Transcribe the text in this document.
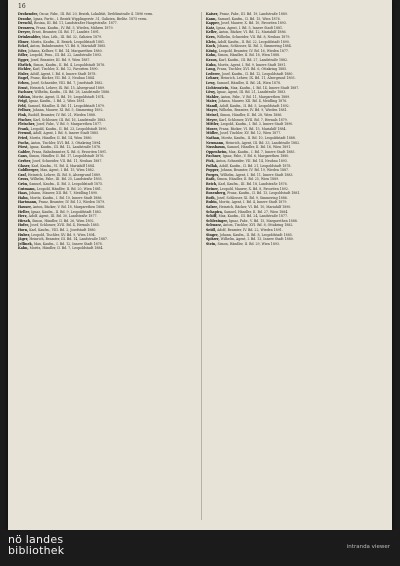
16

Drohender, Oscar, Fabr., III. Bd. 20, Bezirk, Lokalität, Dreblinstraße 4. 1896 verm.

Drauhe, Ignaz, Partic., I. Bezirk Wipplingerstr. 31, Galizien, Bielitz. 1875 verm.

Dreschl, Rosina, III. Bd. 11, Landstraßer Hauptstraße. 1877.

Droszera, Franz, Kaufm., IV. Bd. 5, Wieden, Mähren 1879.

Dreyer, Ernst, Beamter, III. Bd. 17, Landstr. 1891.

Drinkwalder, Max, Lith., III. Bd. 32, Galizien 1879.

Ebner, Moritz, Kaufm., II. Bezirk, Leopoldstadt 1881.

Eckel, Anton, Bahnbeamter, VI. Bd. 8, Mariahilf 1885.

Eder, Johann, Kellner, V. Bd. 14, Margarethen 1880.

Edler, Leopold, Pens., III. Bd. 22, Landstraße 1893.

Egger, Josef, Beamter, III. Bd. 9, Wien 1887.

Ehrlich, Simon, Kaufm., II. Bd. 4, Leopoldstadt 1876.

Eichler, Karl, Tischler, X. Bd. 12, Favoriten 1890.

Eisler, Adolf, Agent, I. Bd. 6, Innere Stadt 1878.

Engel, Franz, Bäcker, VII. Bd. 3, Neubau 1884.

Erben, Josef, Schneider, VIII. Bd. 7, Josefstadt 1882.

Ernst, Heinrich, Lehrer, IX. Bd. 15, Alsergrund 1889.

Eschner, Wilhelm, Kaufm., III. Bd. 28, Landstraße 1886.

Fabian, Moritz, Agent, II. Bd. 19, Leopoldstadt 1874.

Feigl, Ignaz, Kaufm., I. Bd. 2, Wien 1881.

Feld, Samuel, Händler, II. Bd. 11, Leopoldstadt 1879.

Fellner, Johann, Maurer, XI. Bd. 5, Simmering 1892.

Fink, Rudolf, Beamter, IV. Bd. 21, Wieden 1888.

Fischer, Karl, Schlosser, III. Bd. 16, Landstraße 1883.

Fleischer, Josef, Fabr., V. Bd. 9, Margarethen 1877.

Frank, Leopold, Kaufm., II. Bd. 23, Leopoldstadt 1890.

Freund, Adolf, Agent, I. Bd. 8, Innere Stadt 1885.

Fried, Moritz, Händler, II. Bd. 14, Wien 1880.

Fuchs, Anton, Tischler, XVI. Bd. 3, Ottakring 1894.

Fürst, Ignaz, Kaufm., III. Bd. 12, Landstraße 1878.

Gabler, Franz, Bahnbeamter, X. Bd. 6, Favoriten 1891.

Gans, Simon, Händler, II. Bd. 17, Leopoldstadt 1876.

Gerber, Josef, Schneider, VII. Bd. 11, Neubau 1887.

Glaser, Karl, Kaufm., VI. Bd. 4, Mariahilf 1884.

Goldberger, Max, Agent, I. Bd. 15, Wien 1882.

Graf, Heinrich, Lehrer, IX. Bd. 8, Alsergrund 1889.

Gross, Wilhelm, Fabr., III. Bd. 25, Landstraße 1893.

Grün, Samuel, Kaufm., II. Bd. 3, Leopoldstadt 1875.

Gutmann, Leopold, Händler, II. Bd. 20, Wien 1881.

Haas, Johann, Maurer, XII. Bd. 7, Meidling 1890.

Hahn, Moritz, Kaufm., I. Bd. 10, Innere Stadt 1886.

Hartmann, Franz, Beamter, IV. Bd. 13, Wieden 1879.

Hauser, Anton, Bäcker, V. Bd. 18, Margarethen 1888.

Heller, Ignaz, Kaufm., II. Bd. 9, Leopoldstadt 1883.

Herz, Adolf, Agent, III. Bd. 30, Landstraße 1877.

Hirsch, Simon, Händler, II. Bd. 26, Wien 1892.

Hofer, Josef, Schlosser, XVII. Bd. 4, Hernals 1885.

Horn, Karl, Kaufm., VIII. Bd. 2, Josefstadt 1880.

Huber, Leopold, Tischler, XV. Bd. 9, Wien 1894.

Jäger, Heinrich, Beamter, III. Bd. 14, Landstraße 1887.

Jellinek, Max, Kaufm., I. Bd. 12, Innere Stadt 1878.

Kahn, Moritz, Händler, II. Bd. 7, Leopoldstadt 1884.

Kaiser, Franz, Fabr., III. Bd. 19, Landstraße 1889.

Kann, Samuel, Kaufm., II. Bd. 15, Wien 1876.

Kapper, Josef, Maurer, X. Bd. 10, Favoriten 1893.

Katz, Ignaz, Agent, I. Bd. 5, Innere Stadt 1881.

Keller, Anton, Bäcker, VI. Bd. 12, Mariahilf 1886.

Kern, Wilhelm, Schneider, VII. Bd. 8, Neubau 1879.

Klein, Adolf, Kaufm., II. Bd. 22, Leopoldstadt 1890.

Koch, Johann, Schlosser, XI. Bd. 3, Simmering 1884.

König, Leopold, Beamter, IV. Bd. 16, Wieden 1877.

Kohn, Simon, Händler, II. Bd. 18, Wien 1888.

Kraus, Karl, Kaufm., III. Bd. 27, Landstraße 1882.

Kuhn, Moritz, Agent, I. Bd. 9, Innere Stadt 1891.

Lang, Franz, Tischler, XVI. Bd. 6, Ottakring 1885.

Lederer, Josef, Kaufm., II. Bd. 12, Leopoldstadt 1880.

Lehner, Heinrich, Lehrer, IX. Bd. 11, Alsergrund 1893.

Lewy, Samuel, Händler, II. Bd. 24, Wien 1878.

Lichtenstein, Max, Kaufm., I. Bd. 14, Innere Stadt 1887.

Löwy, Ignaz, Agent, III. Bd. 21, Landstraße 1883.

Mahler, Anton, Fabr., V. Bd. 11, Margarethen 1889.

Maier, Johann, Maurer, XII. Bd. 4, Meidling 1876.

Mandl, Adolf, Kaufm., II. Bd. 5, Leopoldstadt 1892.

Mayer, Wilhelm, Beamter, IV. Bd. 9, Wieden 1881.

Meisel, Simon, Händler, II. Bd. 28, Wien 1886.

Meyer, Karl, Schlosser, XVII. Bd. 7, Hernals 1879.

Mittler, Leopold, Kaufm., I. Bd. 3, Innere Stadt 1890.

Moser, Franz, Bäcker, VI. Bd. 15, Mariahilf 1884.

Müller, Josef, Tischler, XV. Bd. 12, Wien 1877.

Nathan, Moritz, Kaufm., II. Bd. 10, Leopoldstadt 1888.

Neumann, Heinrich, Agent, III. Bd. 33, Landstraße 1882.

Nussbaum, Samuel, Händler, II. Bd. 16, Wien 1891.

Oppenheim, Max, Kaufm., I. Bd. 7, Innere Stadt 1885.

Pachner, Ignaz, Fabr., V. Bd. 6, Margarethen 1880.

Pick, Anton, Schneider, VII. Bd. 14, Neubau 1893.

Pollak, Adolf, Kaufm., II. Bd. 21, Leopoldstadt 1878.

Popper, Johann, Beamter, IV. Bd. 19, Wieden 1887.

Porges, Wilhelm, Agent, I. Bd. 11, Innere Stadt 1883.

Rath, Simon, Händler, II. Bd. 25, Wien 1889.

Reich, Karl, Kaufm., III. Bd. 18, Landstraße 1876.

Reiner, Leopold, Maurer, X. Bd. 8, Favoriten 1892.

Rosenberg, Franz, Kaufm., II. Bd. 13, Leopoldstadt 1881.

Roth, Josef, Schlosser, XI. Bd. 9, Simmering 1886.

Rubin, Moritz, Agent, I. Bd. 4, Innere Stadt 1879.

Salzer, Heinrich, Bäcker, VI. Bd. 10, Mariahilf 1890.

Schapira, Samuel, Händler, II. Bd. 27, Wien 1884.

Schiff, Max, Kaufm., III. Bd. 24, Landstraße 1877.

Schlesinger, Ignaz, Fabr., V. Bd. 15, Margarethen 1888.

Schwarz, Anton, Tischler, XVI. Bd. 8, Ottakring 1882.

Seidl, Adolf, Beamter, IV. Bd. 22, Wieden 1891.

Singer, Johann, Kaufm., II. Bd. 8, Leopoldstadt 1885.

Spitzer, Wilhelm, Agent, I. Bd. 13, Innere Stadt 1880.

Stein, Simon, Händler, II. Bd. 29, Wien 1893.

nö landes
bibliothek	intranda viewer
